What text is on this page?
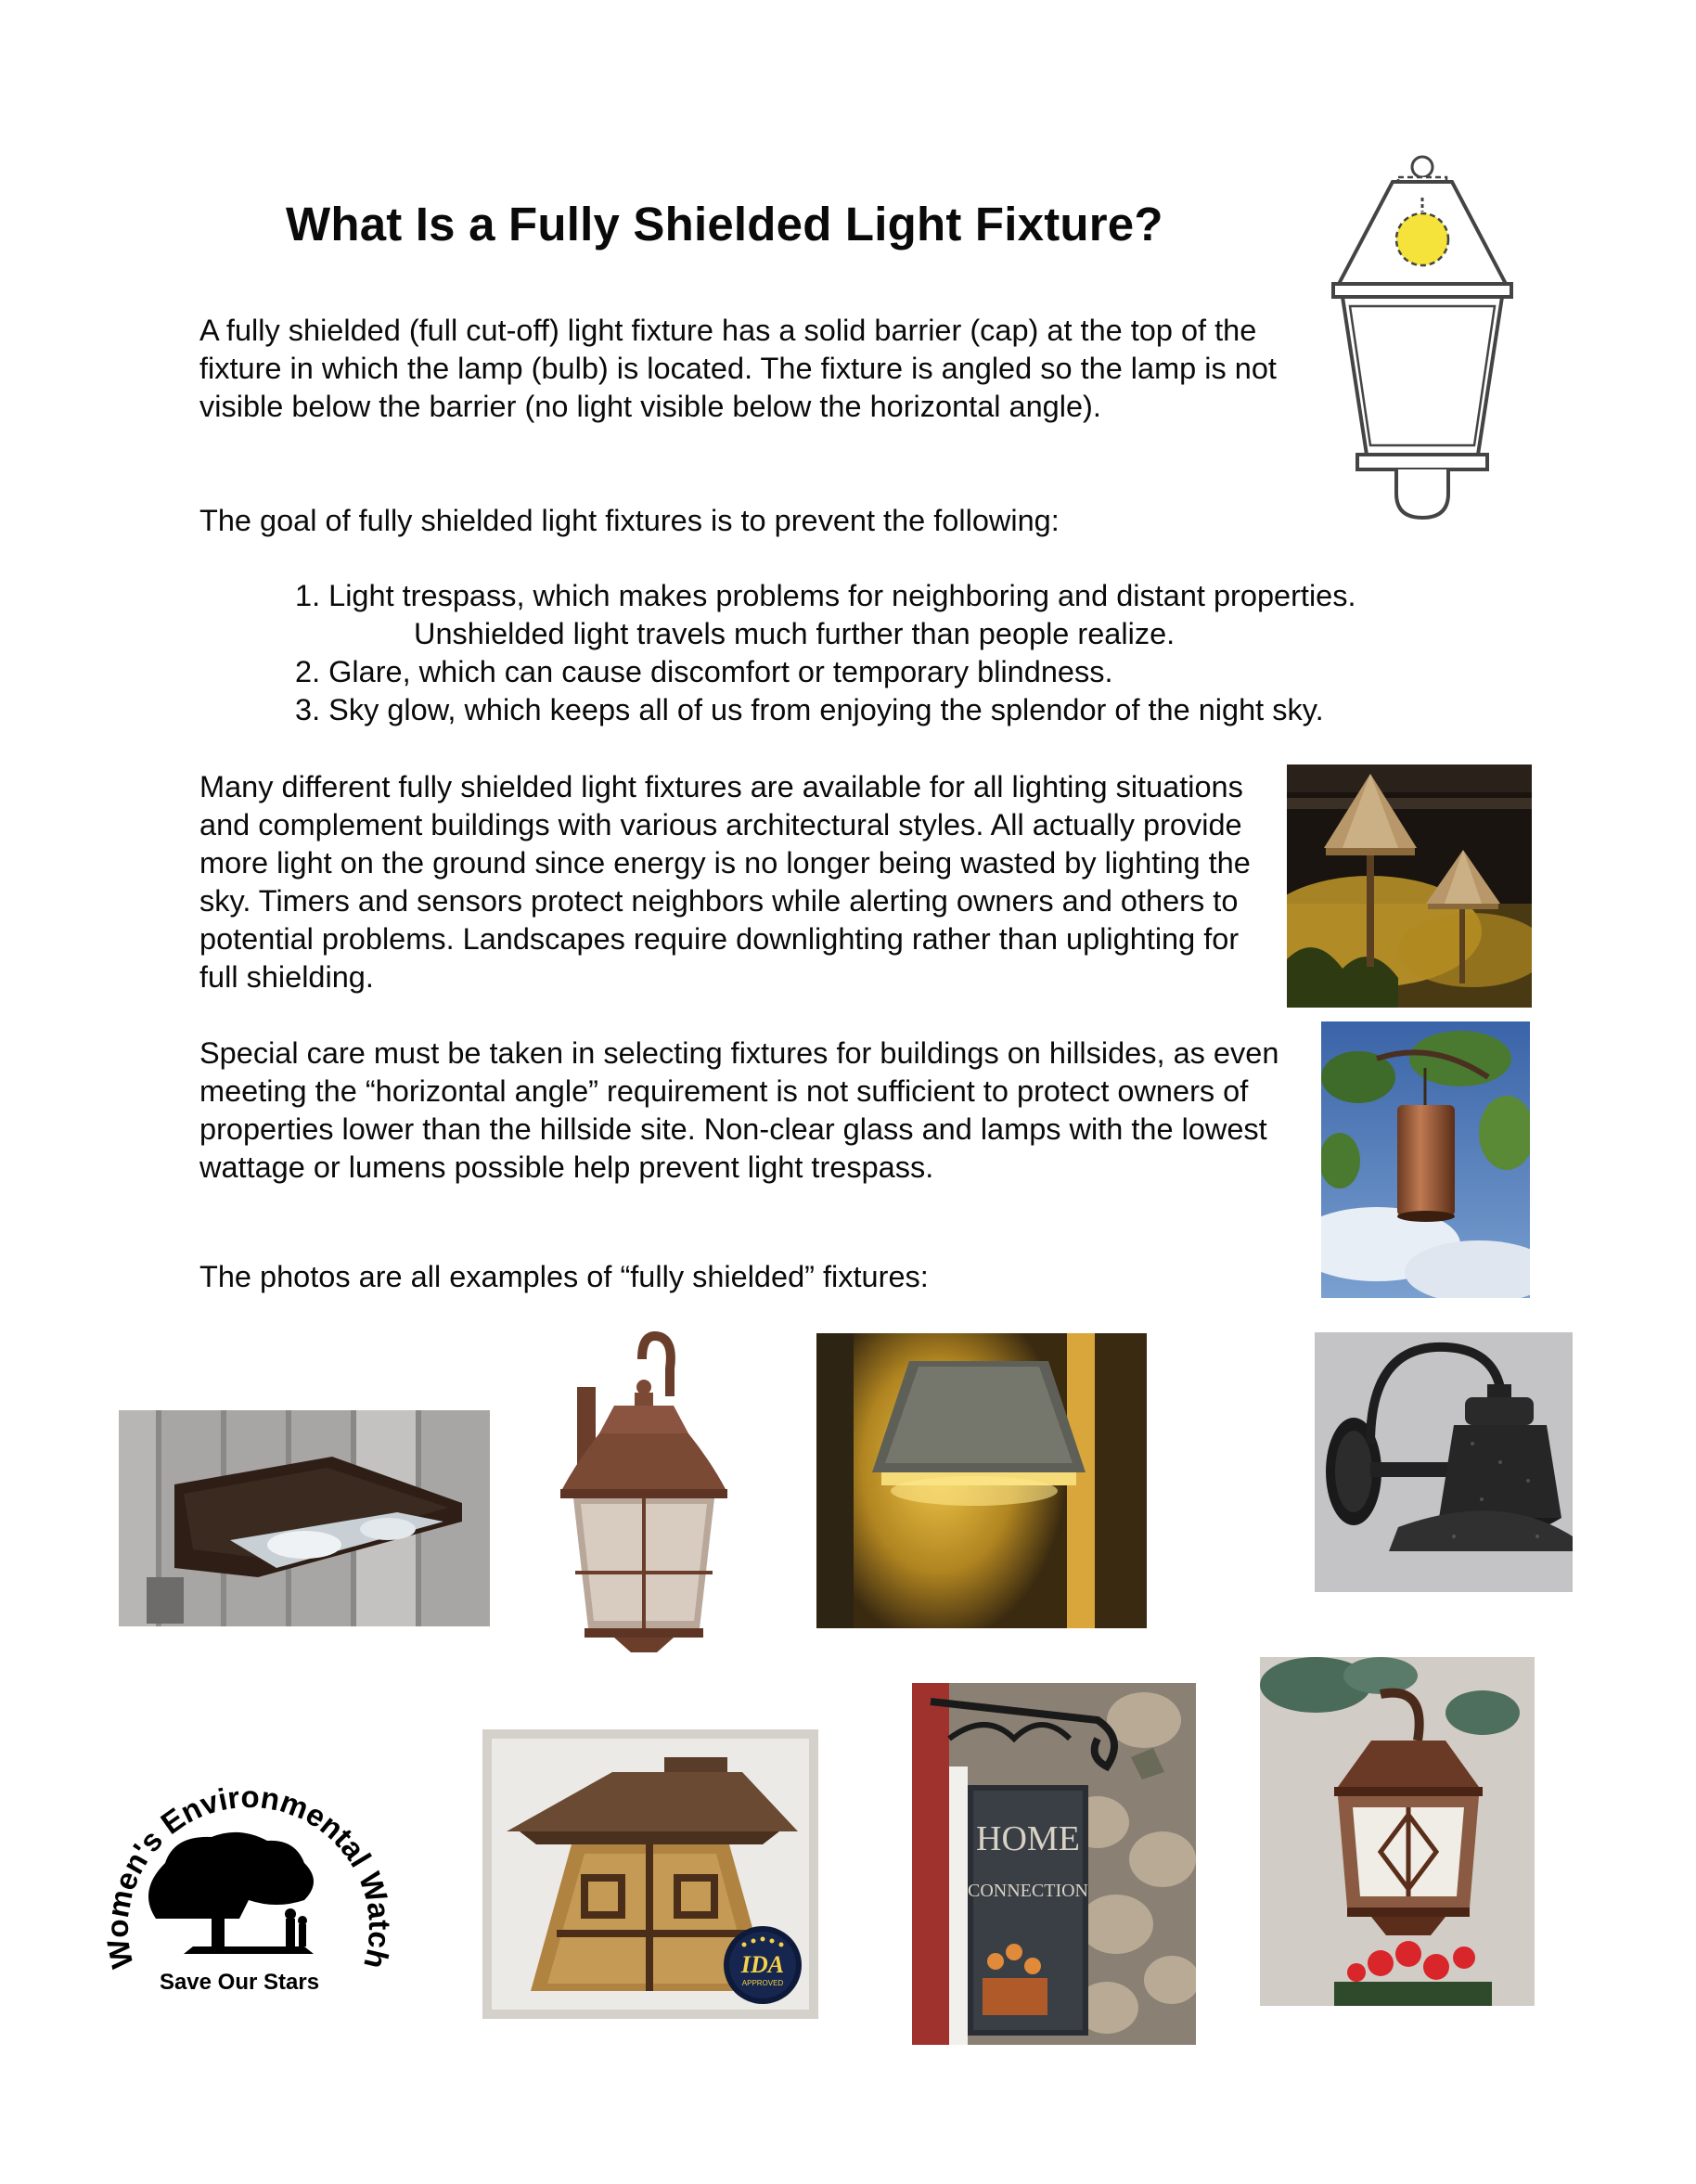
What Is a Fully Shielded Light Fixture?

A fully shielded (full cut-off) light fixture has a solid barrier (cap) at the top of the fixture in which the lamp (bulb) is located. The fixture is angled so the lamp is not visible below the barrier (no light visible below the horizontal angle).

The goal of fully shielded light fixtures is to prevent the following:

1. Light trespass, which makes problems for neighboring and distant properties.
Unshielded light travels much further than people realize.
2. Glare, which can cause discomfort or temporary blindness.
3. Sky glow, which keeps all of us from enjoying the splendor of the night sky.

Many different fully shielded light fixtures are available for all lighting situations and complement buildings with various architectural styles. All actually provide more light on the ground since energy is no longer being wasted by lighting the sky. Timers and sensors protect neighbors while alerting owners and others to potential problems. Landscapes require downlighting rather than uplighting for full shielding.

Special care must be taken in selecting fixtures for buildings on hillsides, as even meeting the “horizontal angle” requirement is not sufficient to protect owners of properties lower than the hillside site. Non-clear glass and lamps with the lowest wattage or lumens possible help prevent light trespass.

The photos are all examples of “fully shielded” fixtures:

Women's Environmental Watch
Save Our Stars
IDA
APPROVED
HOME
CONNECTION
